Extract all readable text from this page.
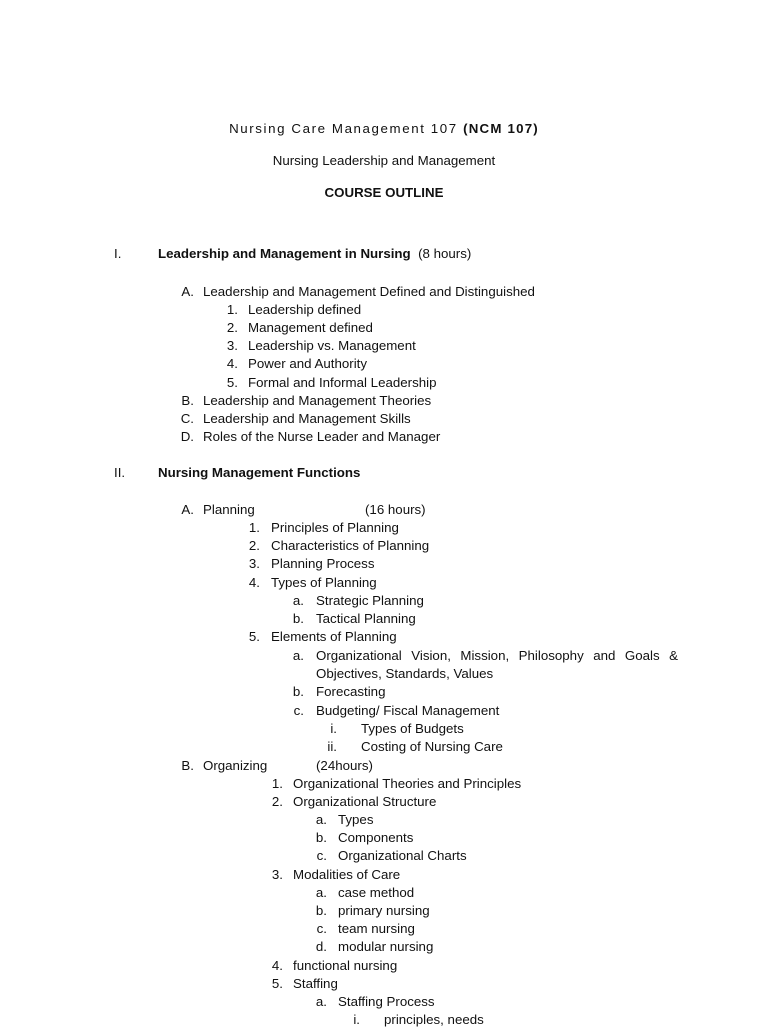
Nursing Care Management 107 (NCM 107)
Nursing Leadership and Management
COURSE OUTLINE
I.	Leadership and Management in Nursing (8 hours)
A. Leadership and Management Defined and Distinguished
1. Leadership defined
2. Management defined
3. Leadership vs. Management
4. Power and Authority
5. Formal and Informal Leadership
B. Leadership and Management Theories
C. Leadership and Management Skills
D. Roles of the Nurse Leader and Manager
II. Nursing Management Functions
A. Planning	(16 hours)
1. Principles of Planning
2. Characteristics of Planning
3. Planning Process
4. Types of Planning
a. Strategic Planning
b. Tactical Planning
5. Elements of Planning
a. Organizational Vision, Mission, Philosophy and Goals &
Objectives, Standards, Values
b. Forecasting
c. Budgeting/ Fiscal Management
i. Types of Budgets
ii. Costing of Nursing Care
B. Organizing	(24hours)
1. Organizational Theories and Principles
2. Organizational Structure
a. Types
b. Components
c. Organizational Charts
3. Modalities of Care
a. case method
b. primary nursing
c. team nursing
d. modular nursing
4. functional nursing
5. Staffing
a. Staffing Process
i. principles, needs
